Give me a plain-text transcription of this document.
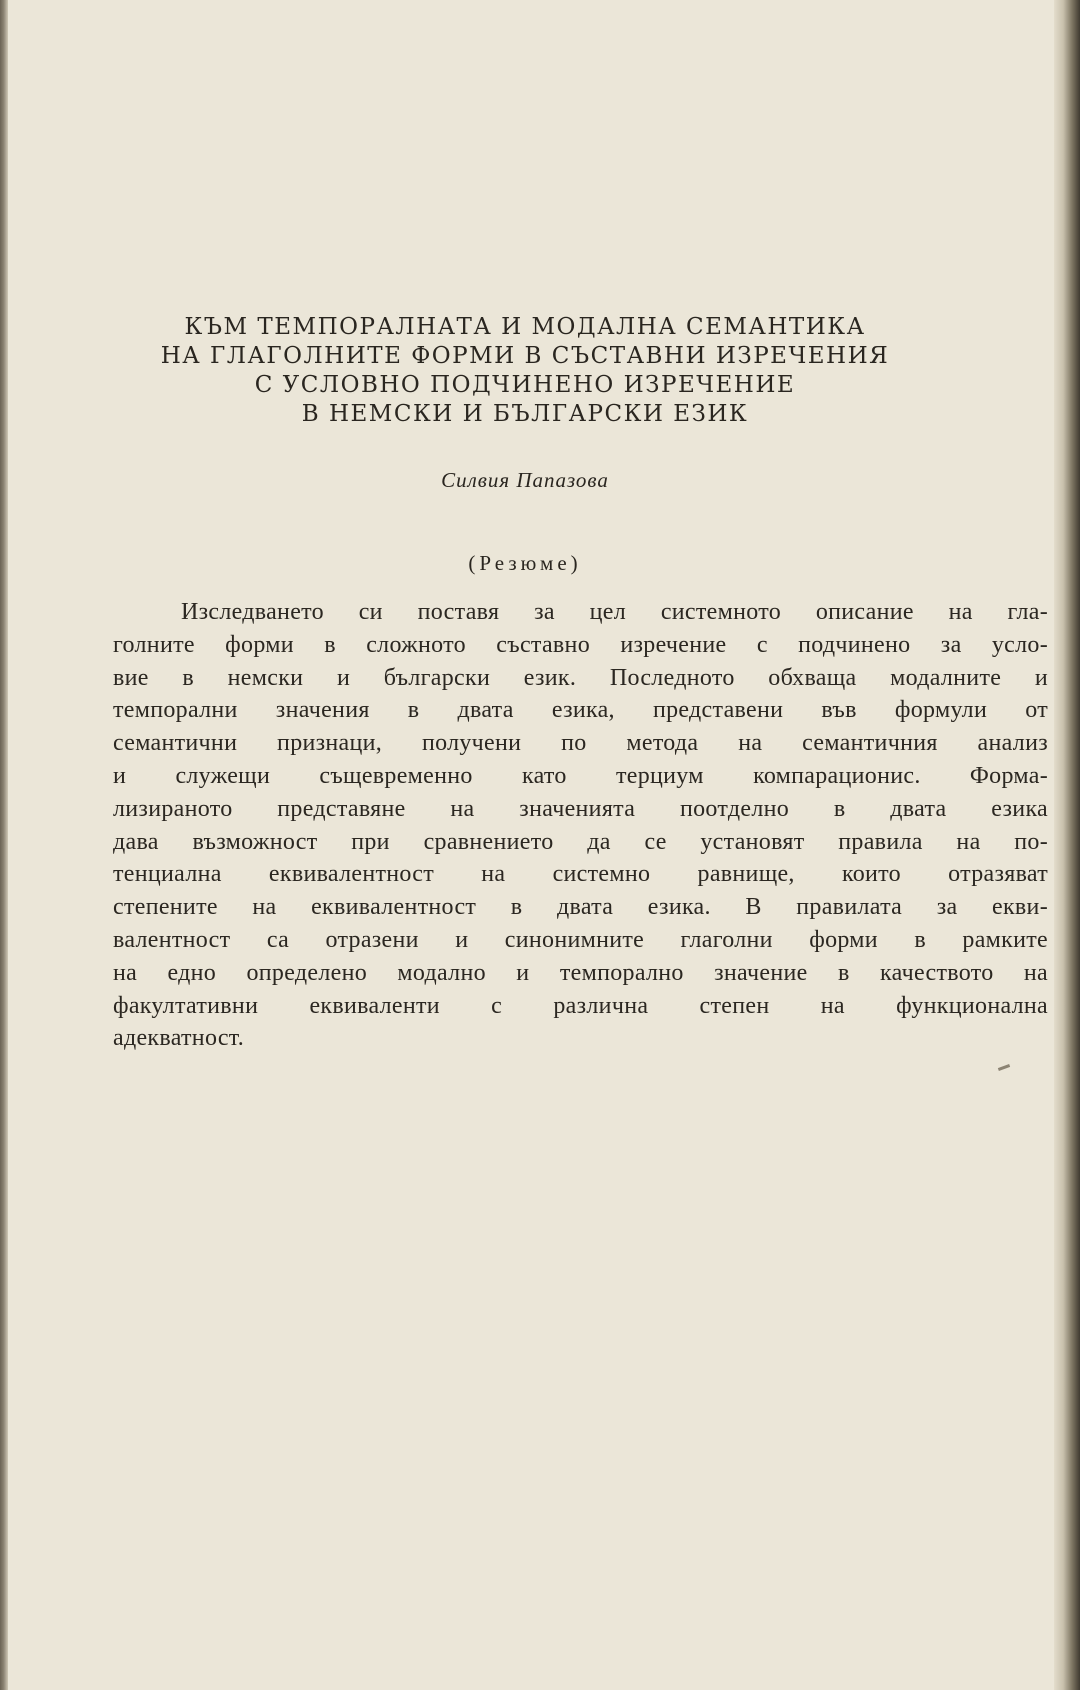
КЪМ ТЕМПОРАЛНАТА И МОДАЛНА СЕМАНТИКА
НА ГЛАГОЛНИТЕ ФОРМИ В СЪСТАВНИ ИЗРЕЧЕНИЯ
С УСЛОВНО ПОДЧИНЕНО ИЗРЕЧЕНИЕ
В НЕМСКИ И БЪЛГАРСКИ ЕЗИК
Силвия Папазова
(Резюме)
Изследването си поставя за цел системното описание на гла-
голните форми в сложното съставно изречение с подчинено за усло-
вие в немски и български език. Последното обхваща модалните и
темпорални значения в двата езика, представени във формули от
семантични признаци, получени по метода на семантичния анализ
и служещи същевременно като терциум компарационис. Форма-
лизираното представяне на значенията поотделно в двата езика
дава възможност при сравнението да се установят правила на по-
тенциална еквивалентност на системно равнище, които отразяват
степените на еквивалентност в двата езика. В правилата за екви-
валентност са отразени и синонимните глаголни форми в рамките
на едно определено модално и темпорално значение в качеството на
факултативни еквиваленти с различна степен на функционална
адекватност.
